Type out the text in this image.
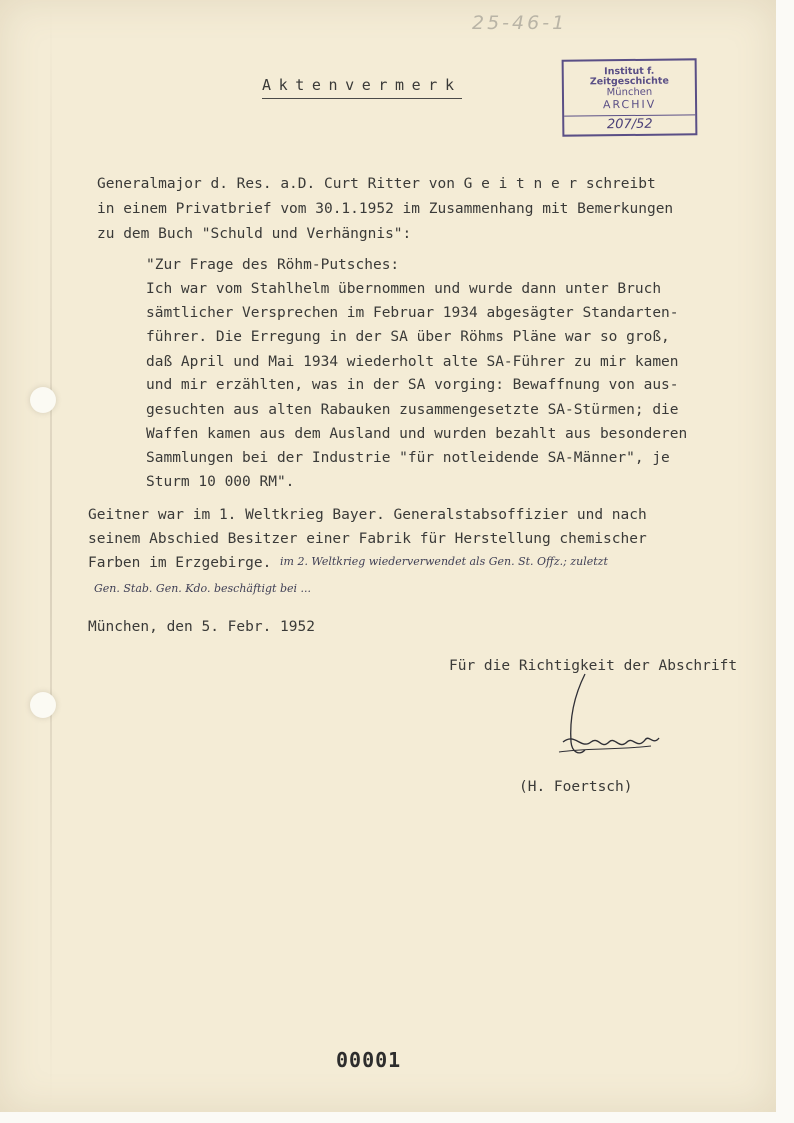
25-46-1

Aktenvermerk
Institut f. Zeitgeschichte
München
ARCHIV
207/52

Generalmajor d. Res. a.D. Curt Ritter von G e i t n e r schreibt

in einem Privatbrief vom 30.1.1952 im Zusammenhang mit Bemerkungen

zu dem Buch "Schuld und Verhängnis":

"Zur Frage des Röhm-Putsches:

Ich war vom Stahlhelm übernommen und wurde dann unter Bruch

sämtlicher Versprechen im Februar 1934 abgesägter Standarten-

führer. Die Erregung in der SA über Röhms Pläne war so groß,

daß April und Mai 1934 wiederholt alte SA-Führer zu mir kamen

und mir erzählten, was in der SA vorging: Bewaffnung von aus-

gesuchten aus alten Rabauken zusammengesetzte SA-Stürmen; die

Waffen kamen aus dem Ausland und wurden bezahlt aus besonderen

Sammlungen bei der Industrie "für notleidende SA-Männer", je

Sturm 10 000 RM".

Geitner war im 1. Weltkrieg Bayer. Generalstabsoffizier und nach

seinem Abschied Besitzer einer Fabrik für Herstellung chemischer

Farben im Erzgebirge. im 2. Weltkrieg wiederverwendet als Gen. St. Offz.; zuletzt

Gen. Stab. Gen. Kdo. beschäftigt bei ...

München, den 5. Febr. 1952

Für die Richtigkeit der Abschrift

(H. Foertsch)

00001
